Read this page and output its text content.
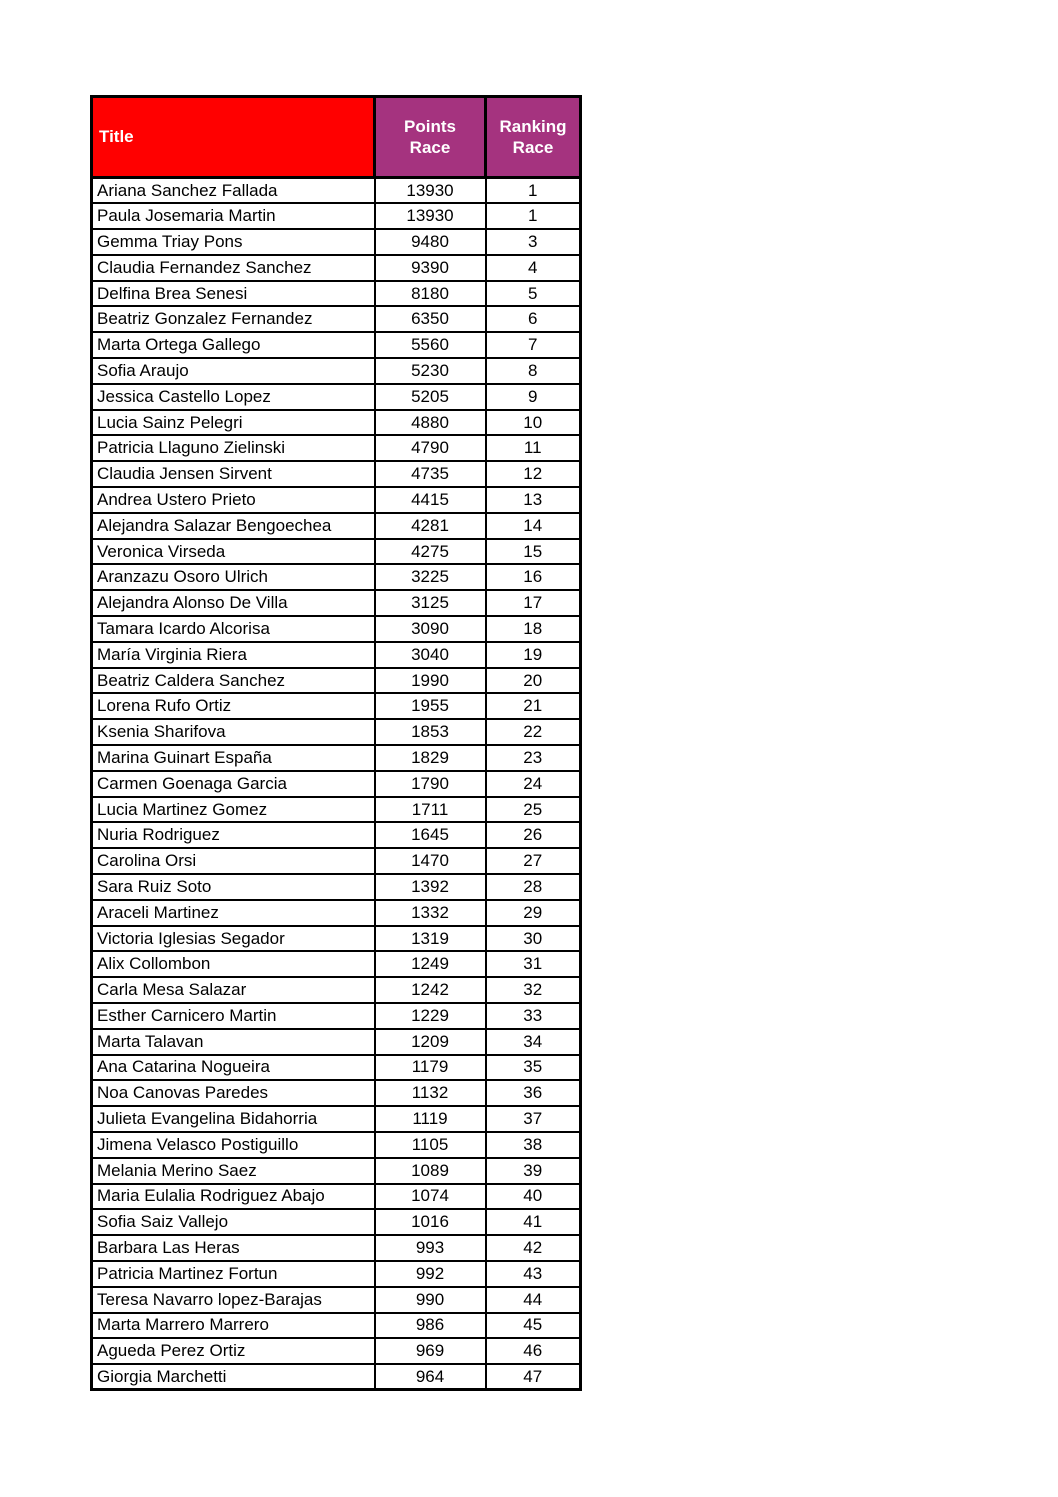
Title	Points Race	Ranking Race
Ariana Sanchez Fallada	13930	1
Paula Josemaria Martin	13930	1
Gemma Triay Pons	9480	3
Claudia Fernandez Sanchez	9390	4
Delfina Brea Senesi	8180	5
Beatriz Gonzalez Fernandez	6350	6
Marta Ortega Gallego	5560	7
Sofia Araujo	5230	8
Jessica Castello Lopez	5205	9
Lucia Sainz Pelegri	4880	10
Patricia Llaguno Zielinski	4790	11
Claudia Jensen Sirvent	4735	12
Andrea Ustero Prieto	4415	13
Alejandra Salazar Bengoechea	4281	14
Veronica Virseda	4275	15
Aranzazu Osoro Ulrich	3225	16
Alejandra Alonso De Villa	3125	17
Tamara Icardo Alcorisa	3090	18
María Virginia Riera	3040	19
Beatriz Caldera Sanchez	1990	20
Lorena Rufo Ortiz	1955	21
Ksenia Sharifova	1853	22
Marina Guinart España	1829	23
Carmen Goenaga Garcia	1790	24
Lucia Martinez Gomez	1711	25
Nuria Rodriguez	1645	26
Carolina Orsi	1470	27
Sara Ruiz Soto	1392	28
Araceli Martinez	1332	29
Victoria Iglesias Segador	1319	30
Alix Collombon	1249	31
Carla Mesa Salazar	1242	32
Esther Carnicero Martin	1229	33
Marta Talavan	1209	34
Ana Catarina Nogueira	1179	35
Noa Canovas Paredes	1132	36
Julieta Evangelina Bidahorria	1119	37
Jimena Velasco Postiguillo	1105	38
Melania Merino Saez	1089	39
Maria Eulalia Rodriguez Abajo	1074	40
Sofia Saiz Vallejo	1016	41
Barbara Las Heras	993	42
Patricia Martinez Fortun	992	43
Teresa Navarro lopez-Barajas	990	44
Marta Marrero Marrero	986	45
Agueda Perez Ortiz	969	46
Giorgia Marchetti	964	47
